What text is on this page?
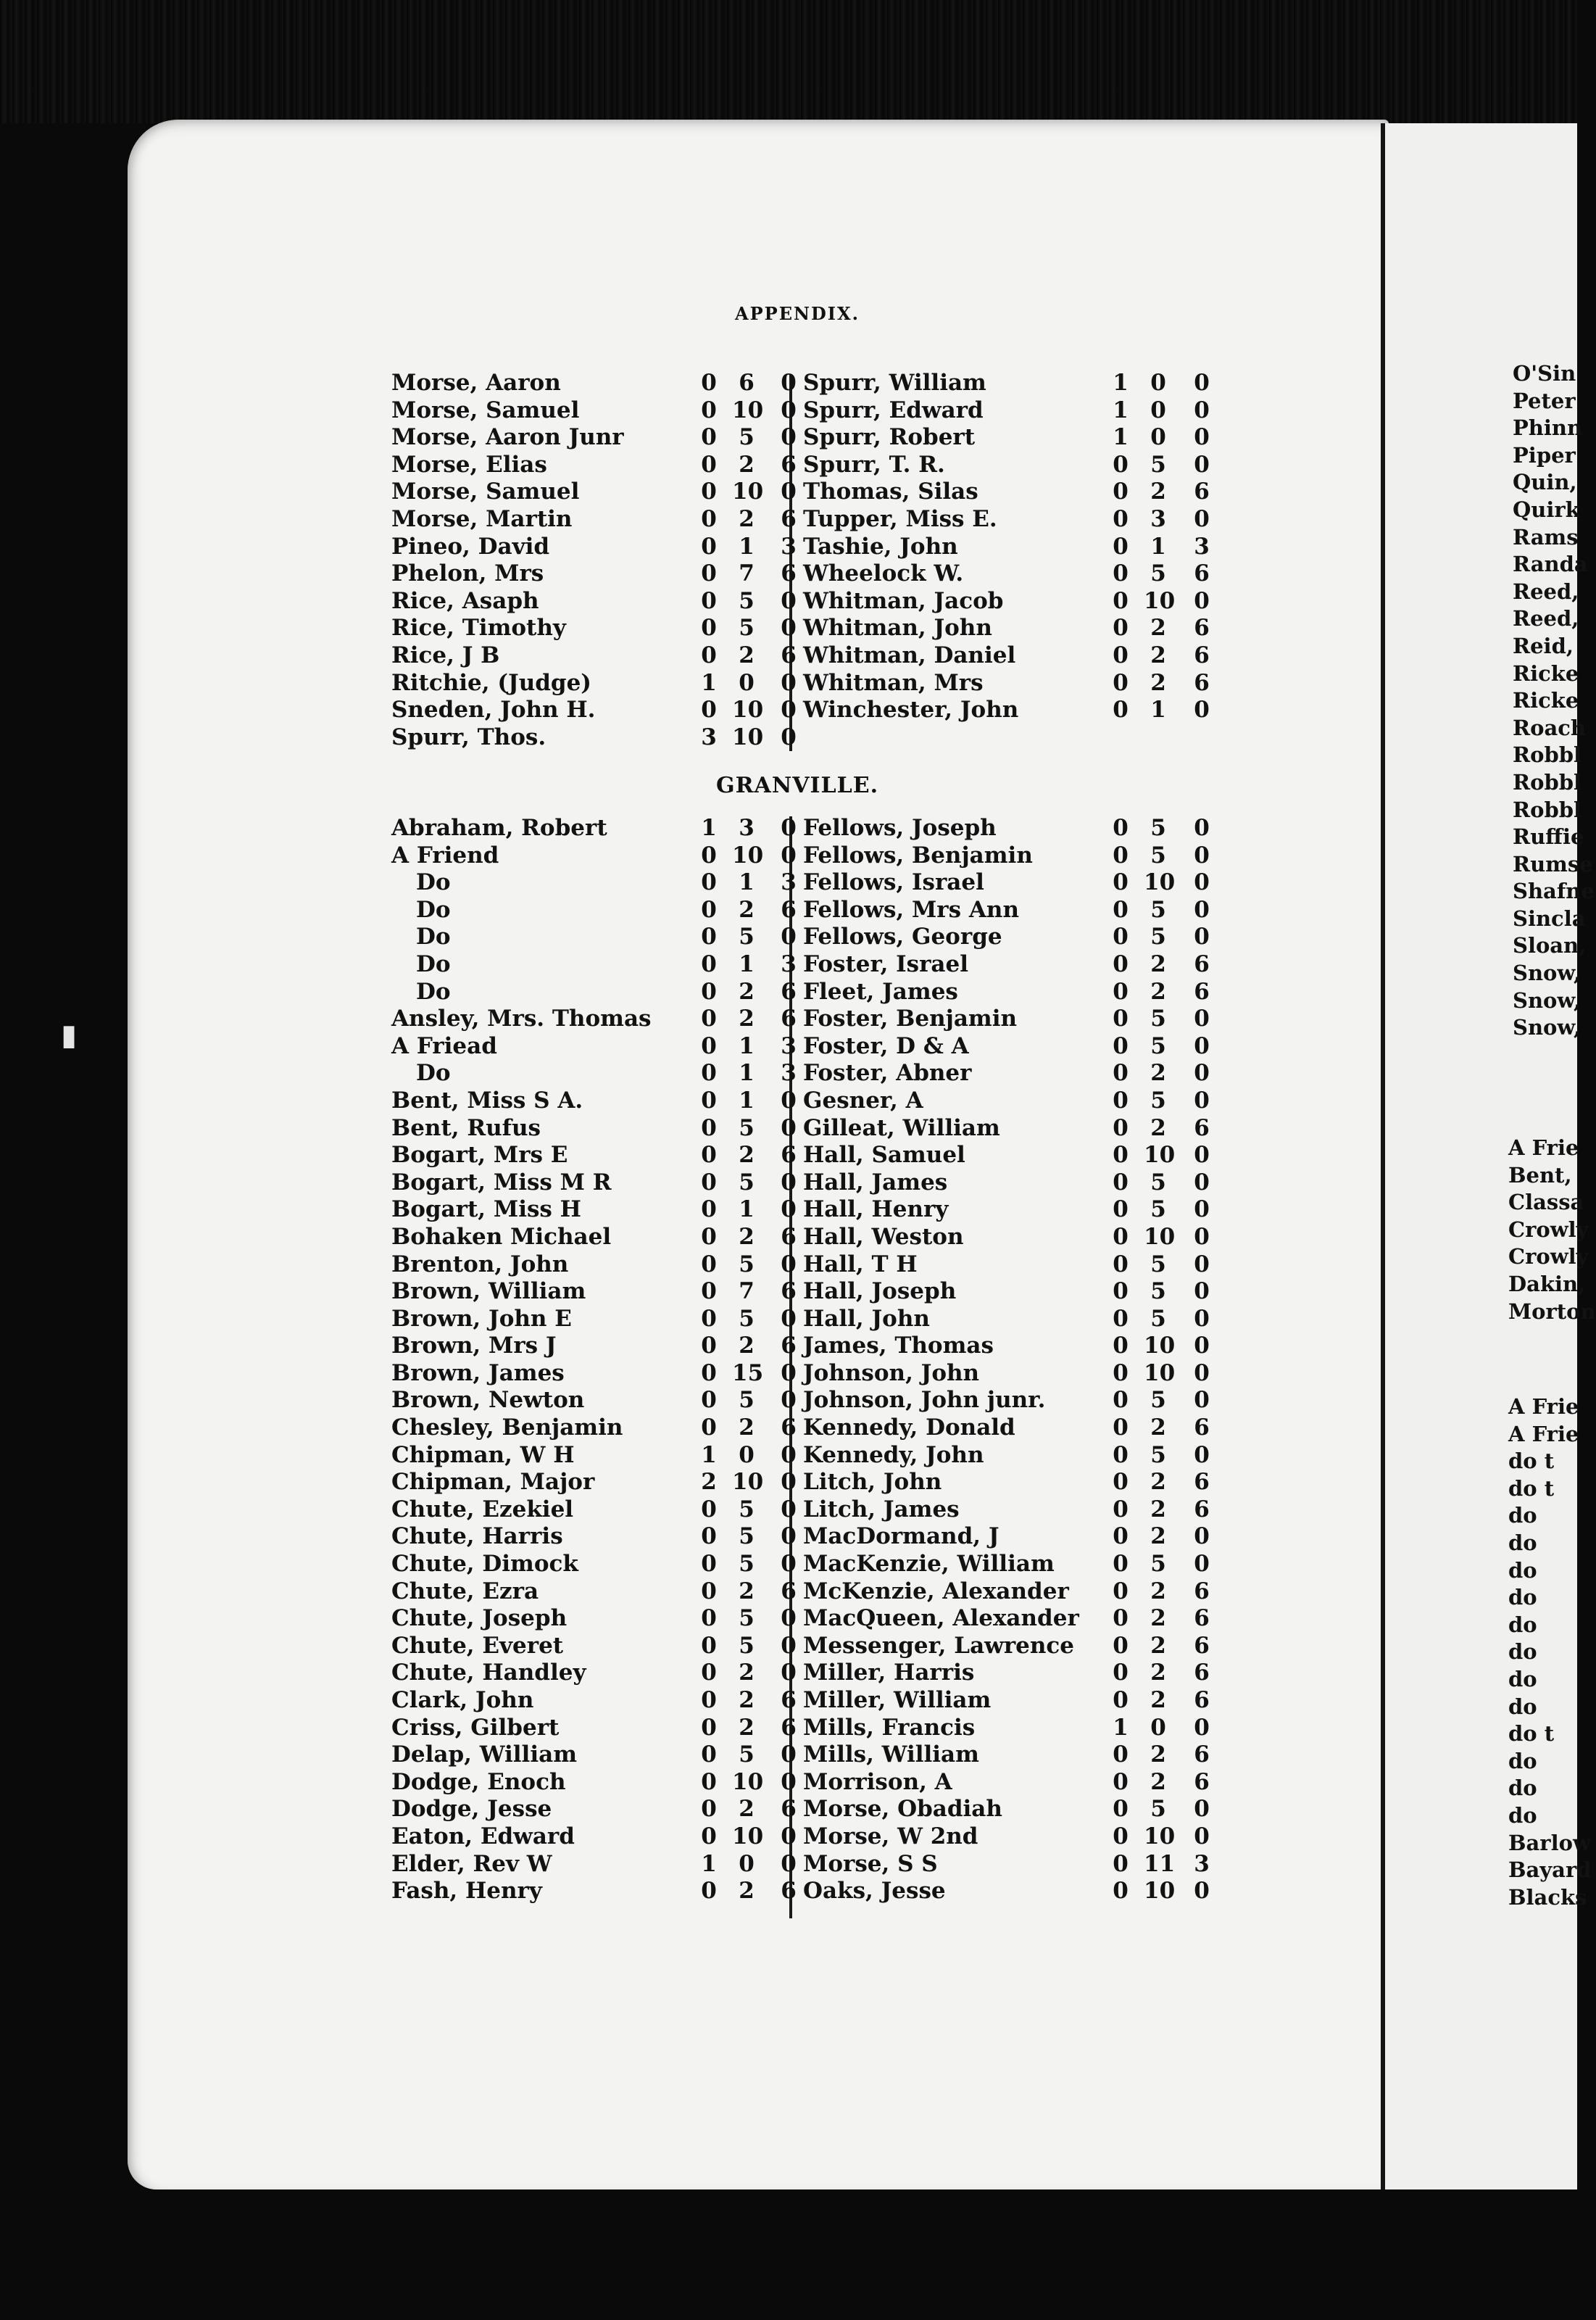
APPENDIX.
Morse, Aaron	0 6 0
Morse, Samuel	0 10 0
Morse, Aaron Junr	0 5 0
Morse, Elias	0 2 6
Morse, Samuel	0 10 0
Morse, Martin	0 2 6
Pineo, David	0 1 3
Phelon, Mrs	0 7 6
Rice, Asaph	0 5 0
Rice, Timothy	0 5 0
Rice, J B	0 2 6
Ritchie, (Judge)	1 0 0
Sneden, John H.	0 10 0
Spurr, Thos.	3 10 0
Spurr, William	1 0 0
Spurr, Edward	1 0 0
Spurr, Robert	1 0 0
Spurr, T. R.	0 5 0
Thomas, Silas	0 2 6
Tupper, Miss E.	0 3 0
Tashie, John	0 1 3
Wheelock W.	0 5 6
Whitman, Jacob	0 10 0
Whitman, John	0 2 6
Whitman, Daniel	0 2 6
Whitman, Mrs	0 2 6
Winchester, John	0 1 0
GRANVILLE.
Abraham, Robert	1 3 0
A Friend	0 10 0
Do	0 1 3
Do	0 2 6
Do	0 5 0
Do	0 1 3
Do	0 2 6
Ansley, Mrs. Thomas 0 2 6
A Friead	0 1 3
Do	0 1 3
Bent, Miss S A.	0 1 0
Bent, Rufus	0 5 0
Bogart, Mrs E	0 2 6
Bogart, Miss M R	0 5 0
Bogart, Miss H	0 1 0
Bohaken Michael	0 2 6
Brenton, John	0 5 0
Brown, William	0 7 6
Brown, John E	0 5 0
Brown, Mrs J	0 2 6
Brown, James	0 15 0
Brown, Newton	0 5 0
Chesley, Benjamin	0 2 6
Chipman, W H	1 0 0
Chipman, Major	2 10 0
Chute, Ezekiel	0 5 0
Chute, Harris	0 5 0
Chute, Dimock	0 5 0
Chute, Ezra	0 2 6
Chute, Joseph	0 5 0
Chute, Everet	0 5 0
Chute, Handley	0 2 0
Clark, John	0 2 6
Criss, Gilbert	0 2 6
Delap, William	0 5 0
Dodge, Enoch	0 10 0
Dodge, Jesse	0 2 6
Eaton, Edward	0 10 0
Elder, Rev W	1 0 0
Fash, Henry	0 2 6
Fellows, Joseph	0 5 0
Fellows, Benjamin	0 5 0
Fellows, Israel	0 10 0
Fellows, Mrs Ann	0 5 0
Fellows, George	0 5 0
Foster, Israel	0 2 6
Fleet, James	0 2 6
Foster, Benjamin	0 5 0
Foster, D & A	0 5 0
Foster, Abner	0 2 0
Gesner, A	0 5 0
Gilleat, William	0 2 6
Hall, Samuel	0 10 0
Hall, James	0 5 0
Hall, Henry	0 5 0
Hall, Weston	0 10 0
Hall, T H	0 5 0
Hall, Joseph	0 5 0
Hall, John	0 5 0
James, Thomas	0 10 0
Johnson, John	0 10 0
Johnson, John junr.	0 5 0
Kennedy, Donald	0 2 6
Kennedy, John	0 5 0
Litch, John	0 2 6
Litch, James	0 2 6
MacDormand, J	0 2 0
MacKenzie, William	0 5 0
McKenzie, Alexander 0 2 6
MacQueen, Alexander 0 2 6
Messenger, Lawrence 0 2 6
Miller, Harris	0 2 6
Miller, William	0 2 6
Mills, Francis	1 0 0
Mills, William	0 2 6
Morrison, A	0 2 6
Morse, Obadiah	0 5 0
Morse, W 2nd	0 10 0
Morse, S S	0 11 3
Oaks, Jesse	0 10 0
O'Sin
Peter
Phinn
Piper
Quin,
Quirk
Rams
Randa
Reed,
Reed,
Reid,
Ricke
Ricke
Roach
Robbl
Robbl
Robbl
Ruffie
Rumse
Shafne
Sincla
Sloan,
Snow,
Snow,
Snow,
A Frie
Bent,
Classa
Crowly
Crowly
Dakin,
Morton
A Frie
A Frie
do t
do t
do
do
do
do
do
do
do
do
do t
do
do
do
Barlow
Bayard
Blacks
▮
